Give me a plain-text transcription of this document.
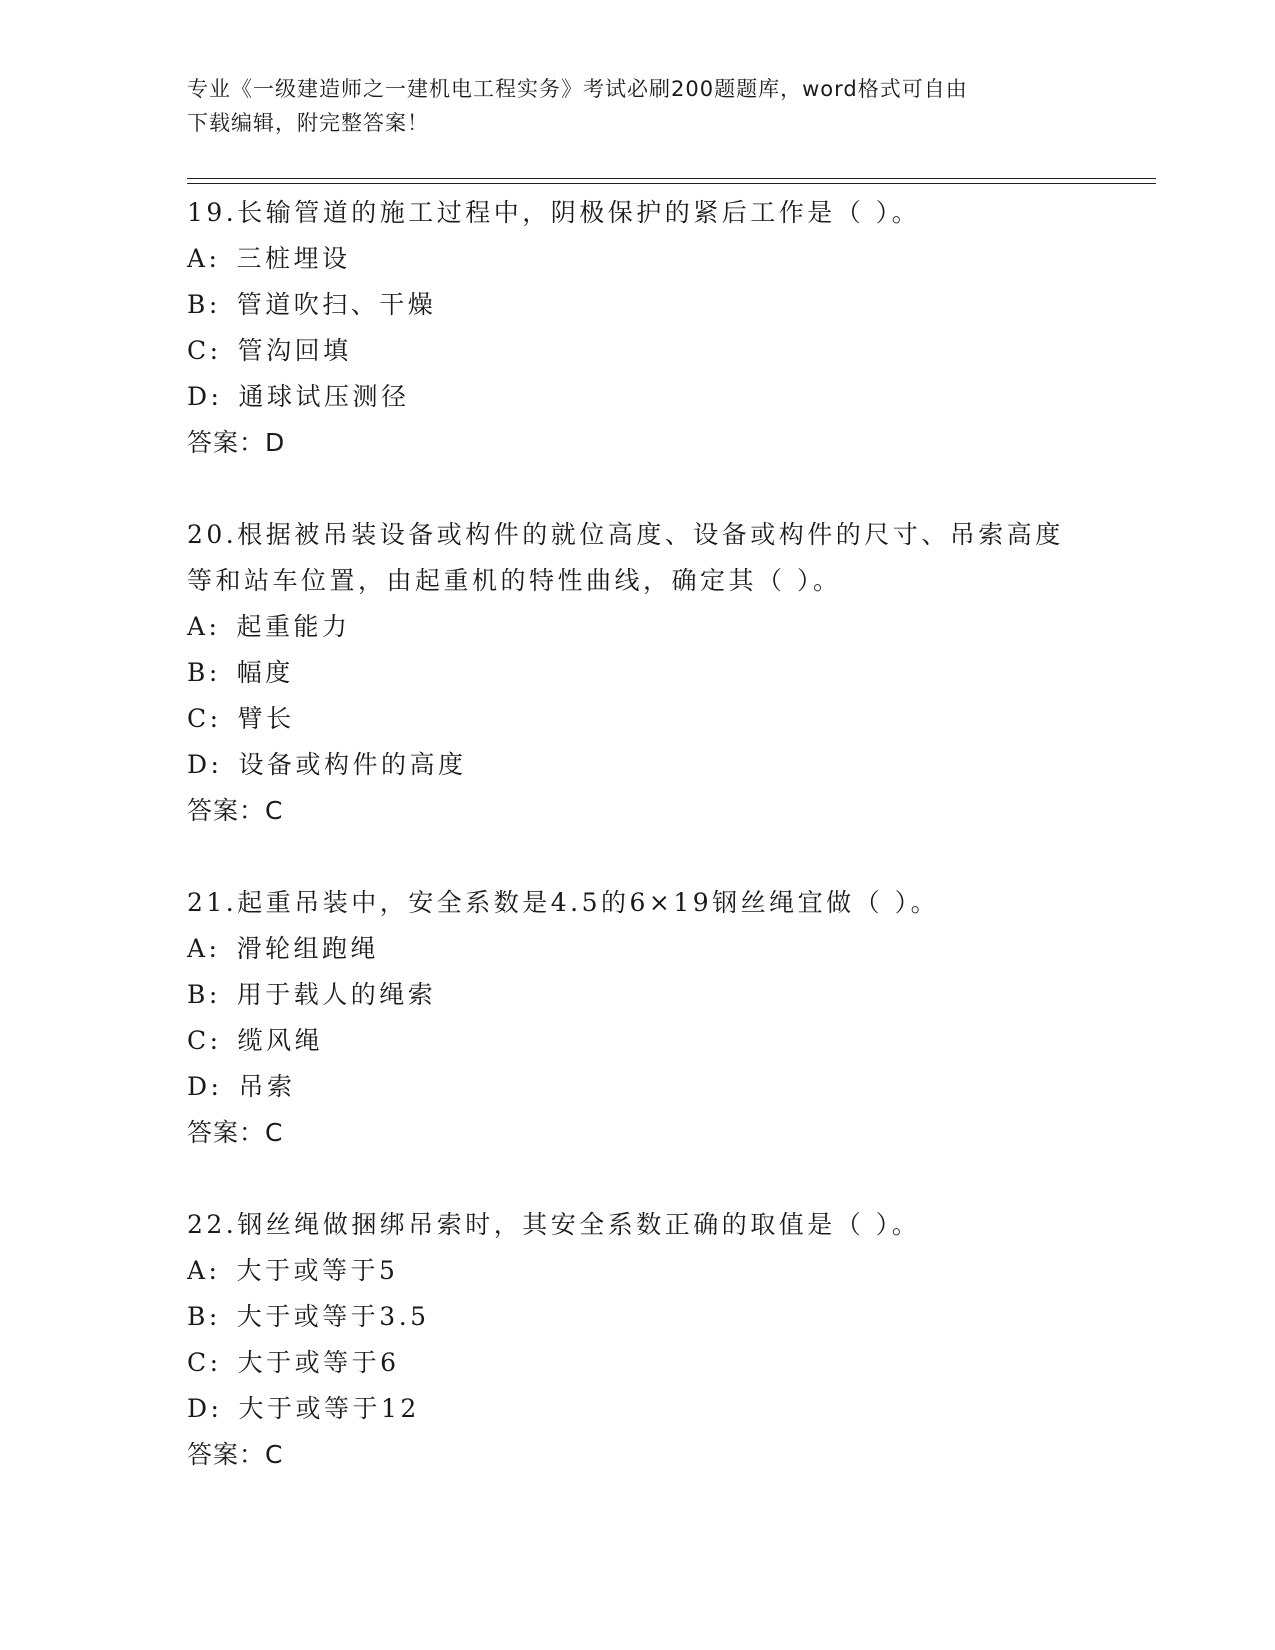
专业《一级建造师之一建机电工程实务》考试必刷200题题库，word格式可自由
下载编辑，附完整答案！
19.长输管道的施工过程中，阴极保护的紧后工作是（ ）。
A: 三桩埋设
B: 管道吹扫、干燥
C: 管沟回填
D: 通球试压测径
答案：D
20.根据被吊装设备或构件的就位高度、设备或构件的尺寸、吊索高度
等和站车位置，由起重机的特性曲线，确定其（ ）。
A: 起重能力
B: 幅度
C: 臂长
D: 设备或构件的高度
答案：C
21.起重吊装中，安全系数是4.5的6×19钢丝绳宜做（ ）。
A: 滑轮组跑绳
B: 用于载人的绳索
C: 缆风绳
D: 吊索
答案：C
22.钢丝绳做捆绑吊索时，其安全系数正确的取值是（ ）。
A: 大于或等于5
B: 大于或等于3.5
C: 大于或等于6
D: 大于或等于12
答案：C
